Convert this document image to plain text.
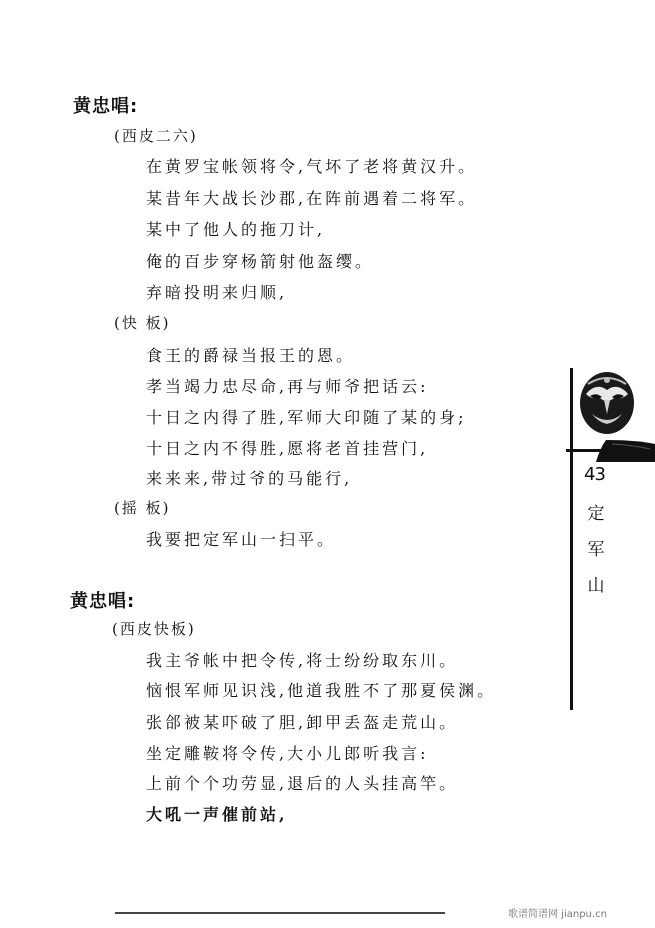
黄忠唱:
(西皮二六)
在黄罗宝帐领将令,气坏了老将黄汉升。
某昔年大战长沙郡,在阵前遇着二将军。
某中了他人的拖刀计,
俺的百步穿杨箭射他盔缨。
弃暗投明来归顺,
(快 板)
食王的爵禄当报王的恩。
孝当竭力忠尽命,再与师爷把话云:
十日之内得了胜,军师大印随了某的身;
十日之内不得胜,愿将老首挂营门,
来来来,带过爷的马能行,
(摇 板)
我要把定军山一扫平。
黄忠唱:
(西皮快板)
我主爷帐中把令传,将士纷纷取东川。
恼恨军师见识浅,他道我胜不了那夏侯渊。
张郃被某吓破了胆,卸甲丢盔走荒山。
坐定雕鞍将令传,大小儿郎听我言:
上前个个功劳显,退后的人头挂高竿。
大吼一声催前站,
43
定
军
山
歌谱简谱网 jianpu.cn
